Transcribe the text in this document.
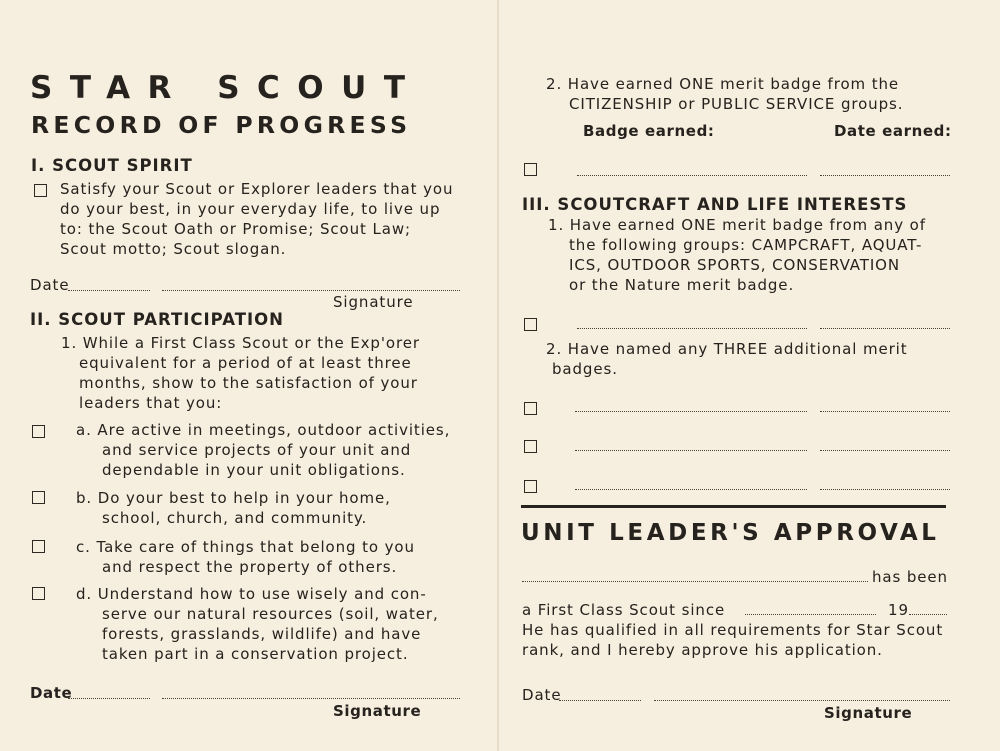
STAR SCOUT
RECORD OF PROGRESS
I. SCOUT SPIRIT
Satisfy your Scout or Explorer leaders that you
do your best, in your everyday life, to live up
to: the Scout Oath or Promise; Scout Law;
Scout motto; Scout slogan.
Date
Signature
II. SCOUT PARTICIPATION
1. While a First Class Scout or the Exp'orer
equivalent for a period of at least three
months, show to the satisfaction of your
leaders that you:
a. Are active in meetings, outdoor activities,
and service projects of your unit and
dependable in your unit obligations.
b. Do your best to help in your home,
school, church, and community.
c. Take care of things that belong to you
and respect the property of others.
d. Understand how to use wisely and con-
serve our natural resources (soil, water,
forests, grasslands, wildlife) and have
taken part in a conservation project.
Date
Signature
2. Have earned ONE merit badge from the
CITIZENSHIP or PUBLIC SERVICE groups.
Badge earned:	Date earned:
III. SCOUTCRAFT AND LIFE INTERESTS
1. Have earned ONE merit badge from any of
the following groups: CAMPCRAFT, AQUAT-
ICS, OUTDOOR SPORTS, CONSERVATION
or the Nature merit badge.
2. Have named any THREE additional merit
badges.
UNIT LEADER'S APPROVAL
has been
a First Class Scout since	19
He has qualified in all requirements for Star Scout
rank, and I hereby approve his application.
Date
Signature
